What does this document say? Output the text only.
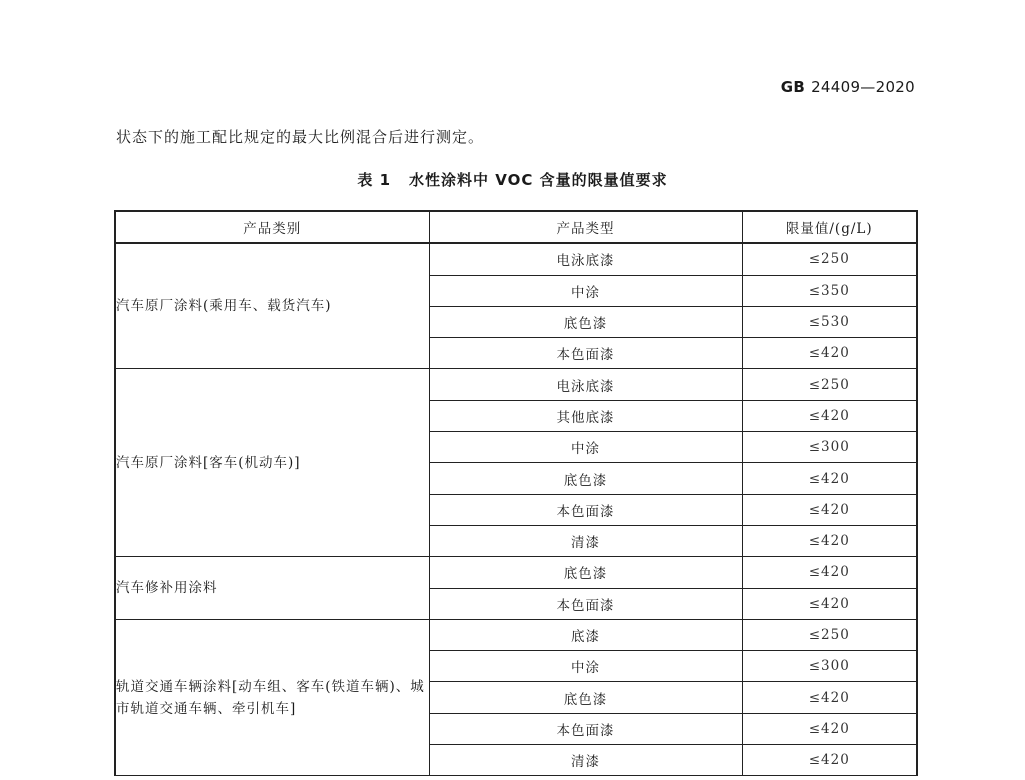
GB 24409—2020
状态下的施工配比规定的最大比例混合后进行测定。
表 1 水性涂料中 VOC 含量的限量值要求
产品类别	产品类型	限量值/(g/L)
汽车原厂涂料(乘用车、载货汽车)	电泳底漆	≤250
	中涂	≤350
	底色漆	≤530
	本色面漆	≤420
汽车原厂涂料[客车(机动车)]	电泳底漆	≤250
	其他底漆	≤420
	中涂	≤300
	底色漆	≤420
	本色面漆	≤420
	清漆	≤420
汽车修补用涂料	底色漆	≤420
	本色面漆	≤420
轨道交通车辆涂料[动车组、客车(铁道车辆)、城市轨道交通车辆、牵引机车]	底漆	≤250
	中涂	≤300
	底色漆	≤420
	本色面漆	≤420
	清漆	≤420
